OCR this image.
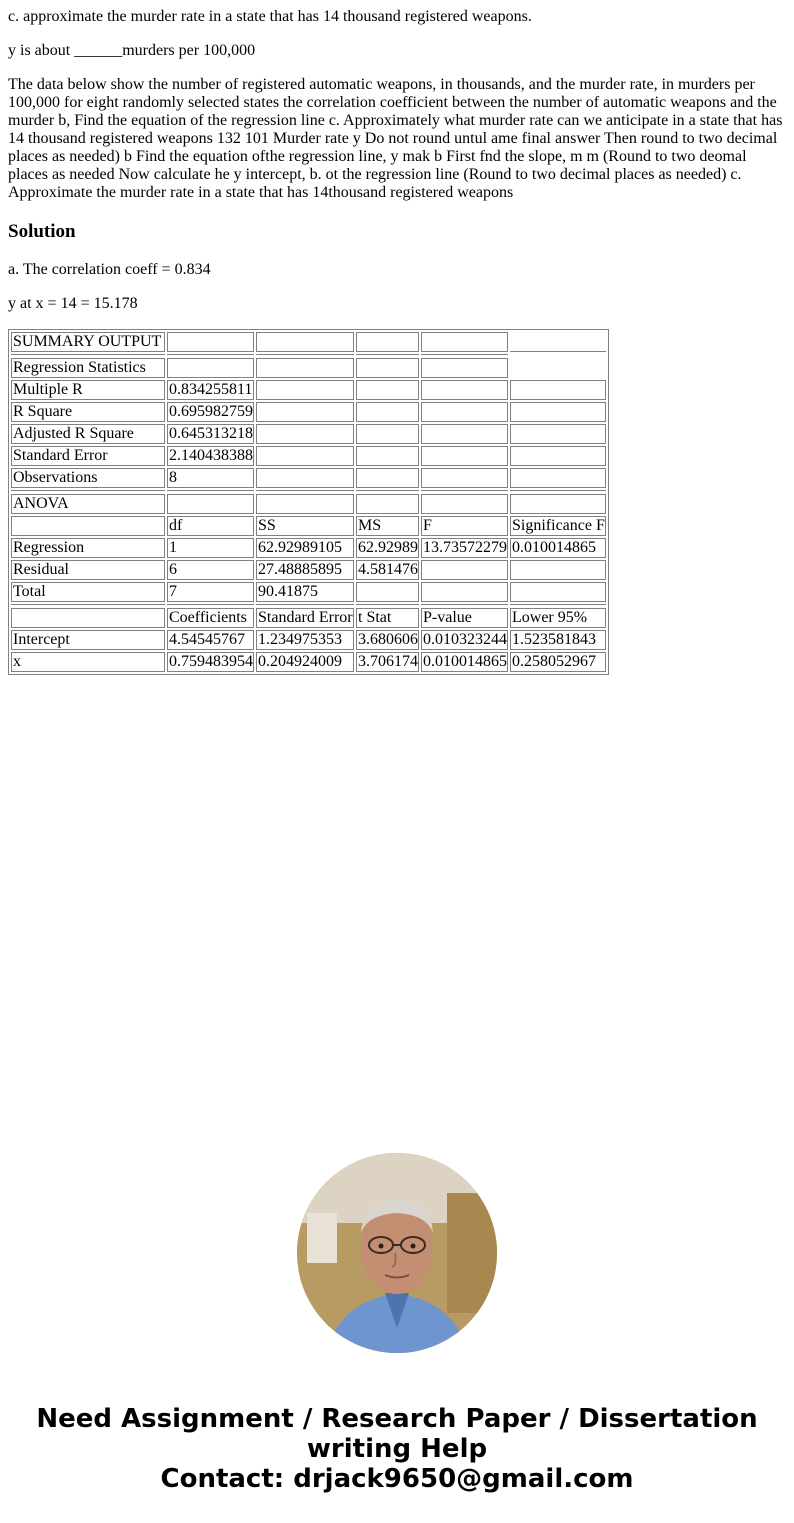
c. approximate the murder rate in a state that has 14 thousand registered weapons.

y is about ______murders per 100,000

The data below show the number of registered automatic weapons, in thousands, and the murder rate, in murders per 100,000 for eight randomly selected states the correlation coefficient between the number of automatic weapons and the murder b, Find the equation of the regression line c. Approximately what murder rate can we anticipate in a state that has 14 thousand registered weapons 132 101 Murder rate y Do not round untul ame final answer Then round to two decimal places as needed) b Find the equation ofthe regression line, y mak b First fnd the slope, m m (Round to two deomal places as needed Now calculate he y intercept, b. ot the regression line (Round to two decimal places as needed) c. Approximate the murder rate in a state that has 14thousand registered weapons

Solution

a. The correlation coeff = 0.834

y at x = 14 = 15.178

SUMMARY OUTPUT					

Regression Statistics					
Multiple R	0.834255811				
R Square	0.695982759				
Adjusted R Square	0.645313218				
Standard Error	2.140438388				
Observations	8				

ANOVA					
	df	SS	MS	F	Significance F
Regression	1	62.92989105	62.92989	13.73572279	0.010014865
Residual	6	27.48885895	4.581476		
Total	7	90.41875			

	Coefficients	Standard Error	t Stat	P-value	Lower 95%
Intercept	4.54545767	1.234975353	3.680606	0.010323244	1.523581843
x	0.759483954	0.204924009	3.706174	0.010014865	0.258052967
Need Assignment / Research Paper / Dissertation
writing Help
Contact: drjack9650@gmail.com
